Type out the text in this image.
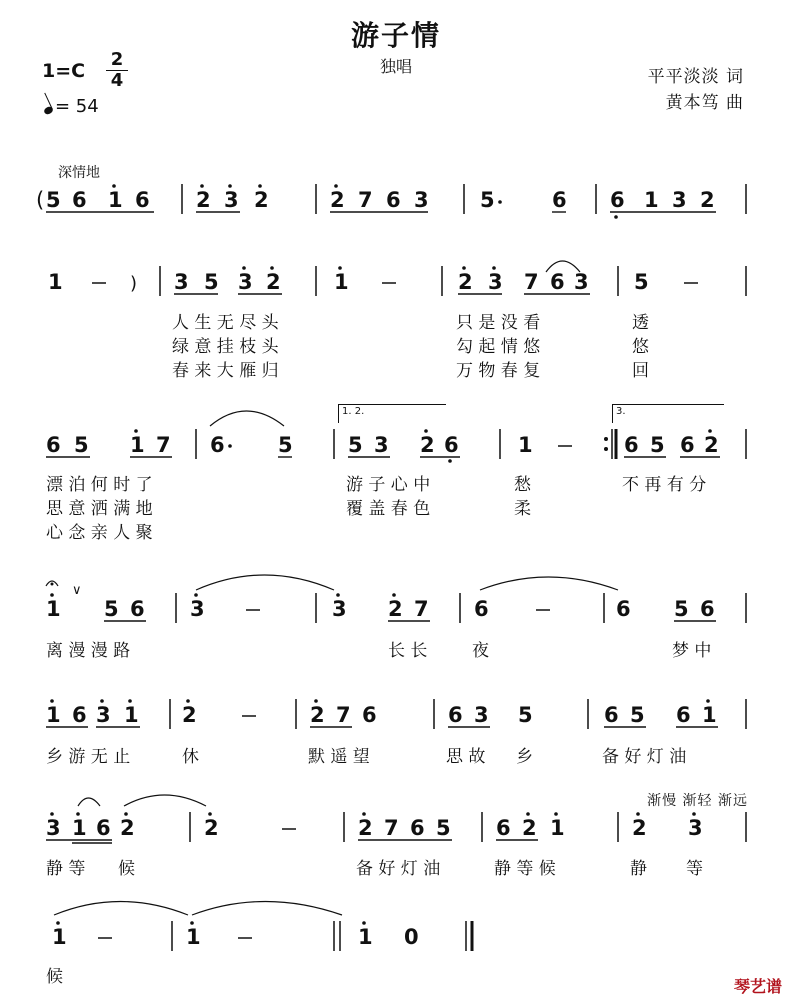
游子情
独唱
$1=C \frac{2}{4}$
= 54
平平淡淡 词
黄本笃 曲
深情地
渐慢 渐轻 渐远
( 5 6 1 6 2 3 2	2 7 6 3 5	6 6 1 3 2
1	3 5 3 2	1	2 3 7 6 3 5
6 5 1 7 6	5	5 3 2 6	1	6 5 6 2
1 5 6 3	3 2 7 6	6 5 6
1 6 3 1 2	2 7 6	6 3 5	6 5 6 1
3 1 6 2	2	2 7 6 5 6 2 1	2 3
1	1	1 0
)
∨
1. 2.	3.
人 生 无 尽 头	只 是 没 看	透
绿 意 挂 枝 头	勾 起 情 悠	悠
春 来 大 雁 归	万 物 春 复	回
漂 泊 何 时 了	游 子 心 中	愁	不 再 有 分
思 意 洒 满 地	覆 盖 春 色	柔
心 念 亲 人 聚
离 漫 漫 路	长 长	夜	梦 中
乡 游 无 止	休	默 遥 望	思 故 乡	备 好 灯 油
静 等 候	备 好 灯 油	静 等 候	静 等
候	琴艺谱
